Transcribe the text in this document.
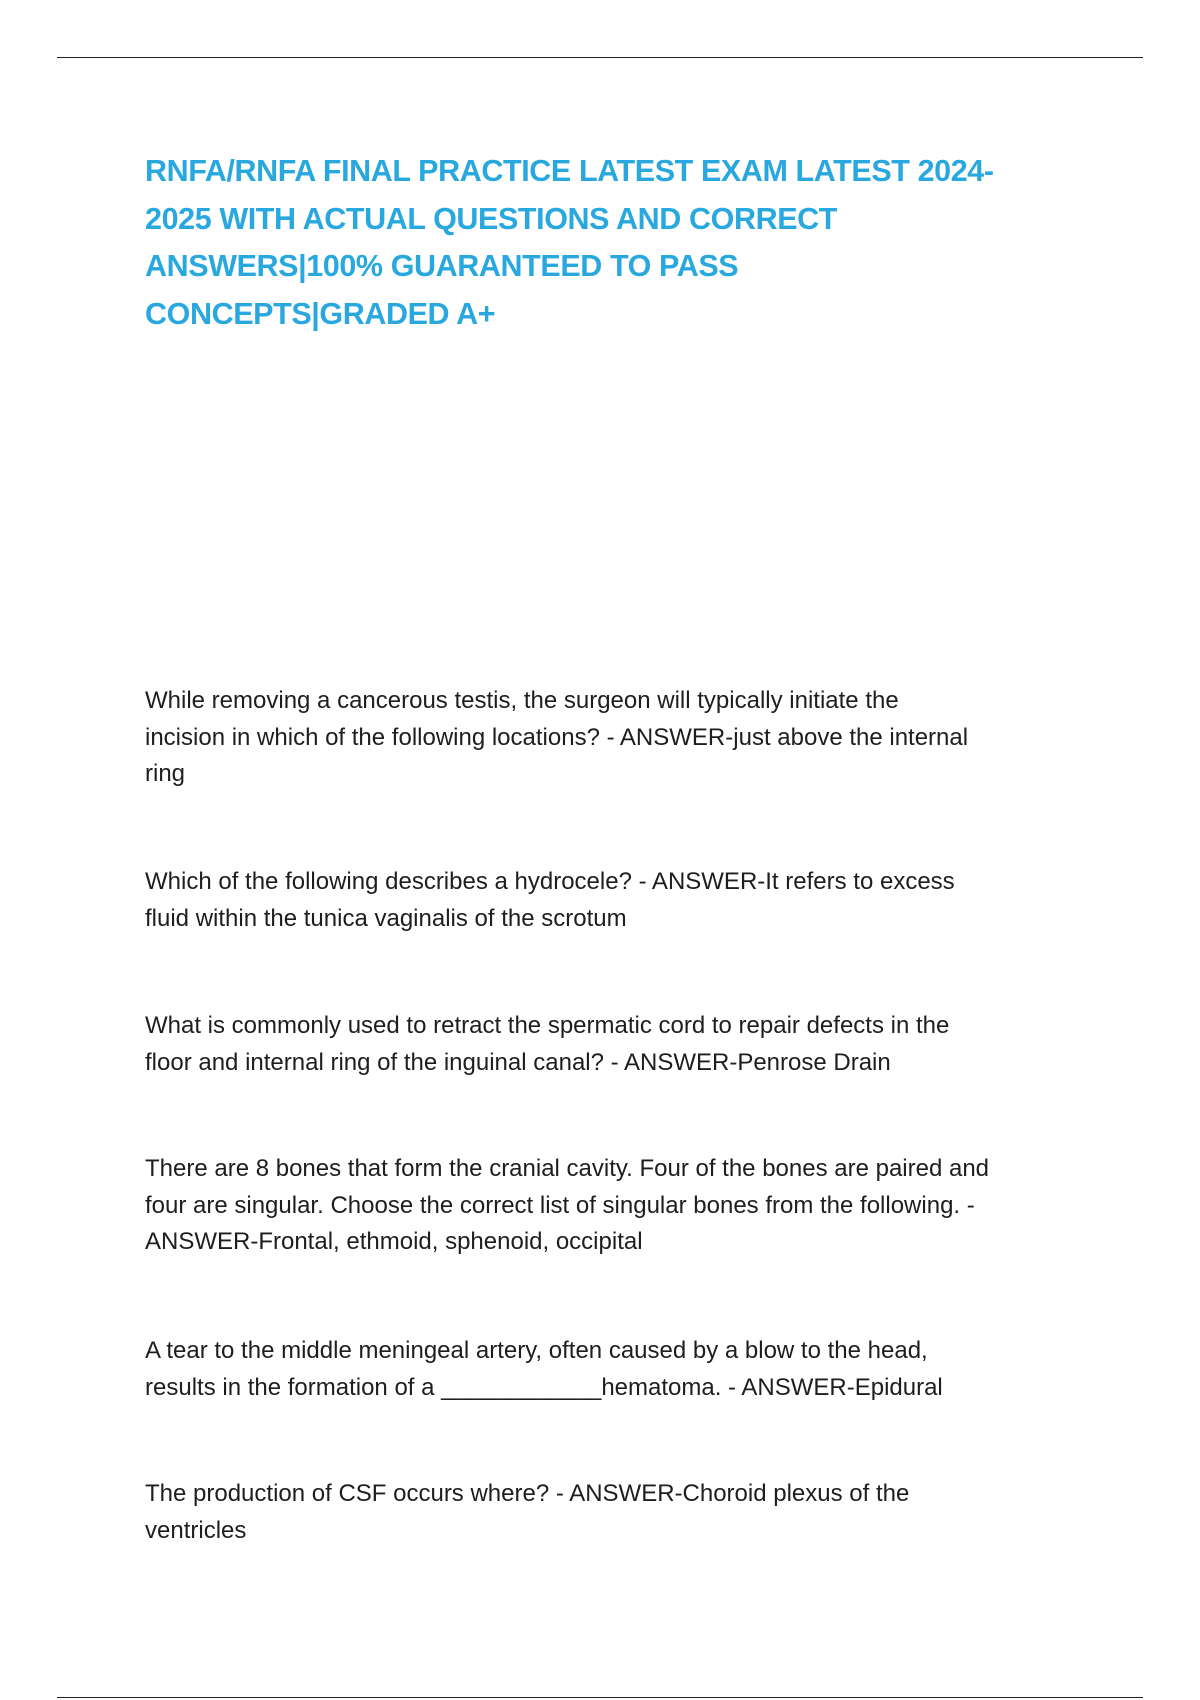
RNFA/RNFA FINAL PRACTICE LATEST EXAM LATEST 2024-
2025 WITH ACTUAL QUESTIONS AND CORRECT
ANSWERS|100% GUARANTEED TO PASS
CONCEPTS|GRADED A+

While removing a cancerous testis, the surgeon will typically initiate the
incision in which of the following locations? - ANSWER-just above the internal
ring

Which of the following describes a hydrocele? - ANSWER-It refers to excess
fluid within the tunica vaginalis of the scrotum

What is commonly used to retract the spermatic cord to repair defects in the
floor and internal ring of the inguinal canal? - ANSWER-Penrose Drain

There are 8 bones that form the cranial cavity. Four of the bones are paired and
four are singular. Choose the correct list of singular bones from the following. -
ANSWER-Frontal, ethmoid, sphenoid, occipital

A tear to the middle meningeal artery, often caused by a blow to the head,
results in the formation of a ____________hematoma. - ANSWER-Epidural

The production of CSF occurs where? - ANSWER-Choroid plexus of the
ventricles
